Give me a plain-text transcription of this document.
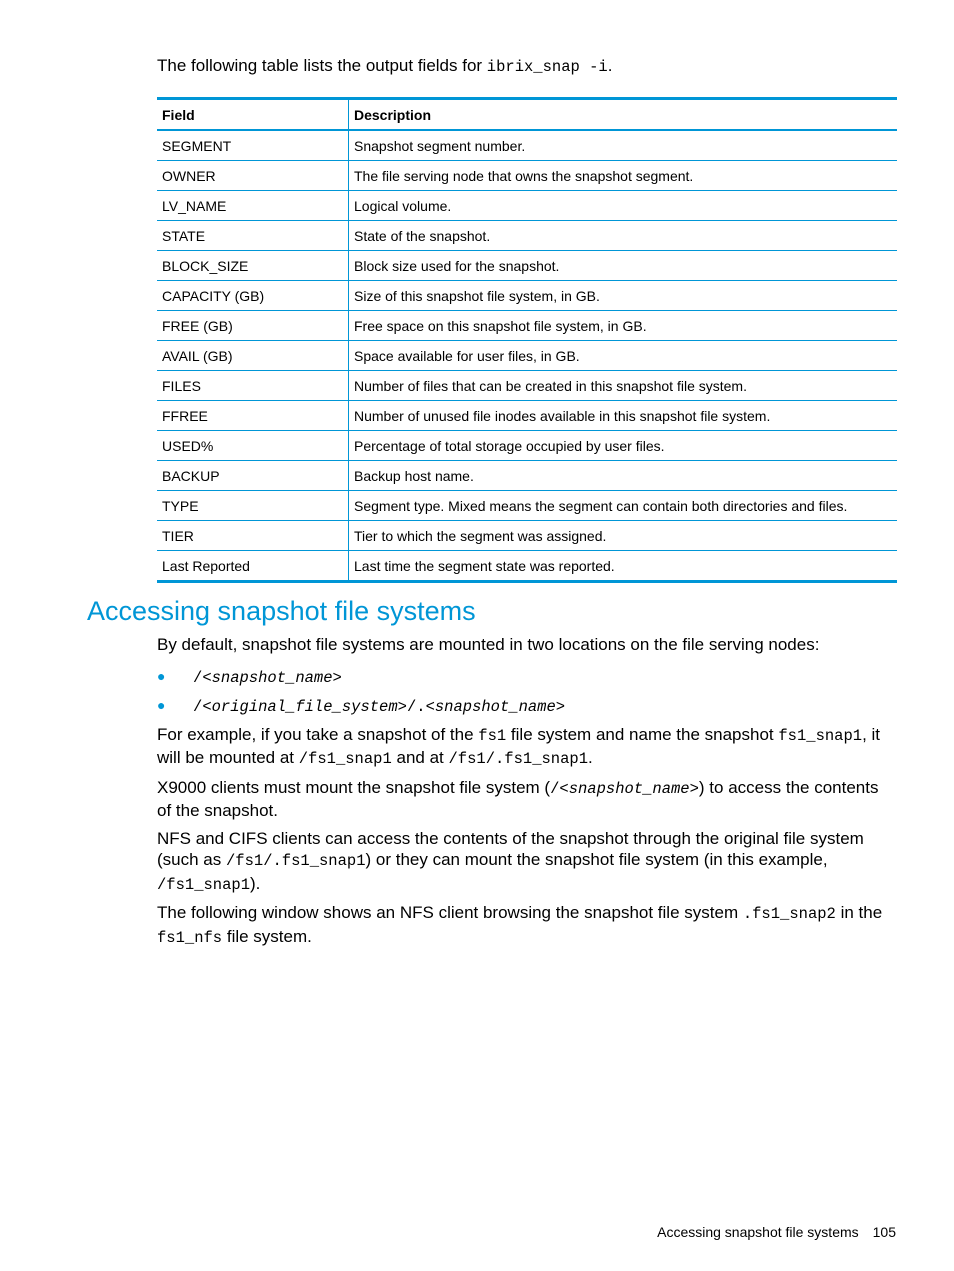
The following table lists the output fields for ibrix_snap -i.

Field	Description
SEGMENT	Snapshot segment number.
OWNER	The file serving node that owns the snapshot segment.
LV_NAME	Logical volume.
STATE	State of the snapshot.
BLOCK_SIZE	Block size used for the snapshot.
CAPACITY (GB)	Size of this snapshot file system, in GB.
FREE (GB)	Free space on this snapshot file system, in GB.
AVAIL (GB)	Space available for user files, in GB.
FILES	Number of files that can be created in this snapshot file system.
FFREE	Number of unused file inodes available in this snapshot file system.
USED%	Percentage of total storage occupied by user files.
BACKUP	Backup host name.
TYPE	Segment type. Mixed means the segment can contain both directories and files.
TIER	Tier to which the segment was assigned.
Last Reported	Last time the segment state was reported.
Accessing snapshot file systems

By default, snapshot file systems are mounted in two locations on the file serving nodes:

● /<snapshot_name>
● /<original_file_system>/.<snapshot_name>

For example, if you take a snapshot of the fs1 file system and name the snapshot fs1_snap1, it will be mounted at /fs1_snap1 and at /fs1/.fs1_snap1.

X9000 clients must mount the snapshot file system (/<snapshot_name>) to access the contents of the snapshot.

NFS and CIFS clients can access the contents of the snapshot through the original file system (such as /fs1/.fs1_snap1) or they can mount the snapshot file system (in this example, /fs1_snap1).

The following window shows an NFS client browsing the snapshot file system .fs1_snap2 in the fs1_nfs file system.

Accessing snapshot file systems 105
